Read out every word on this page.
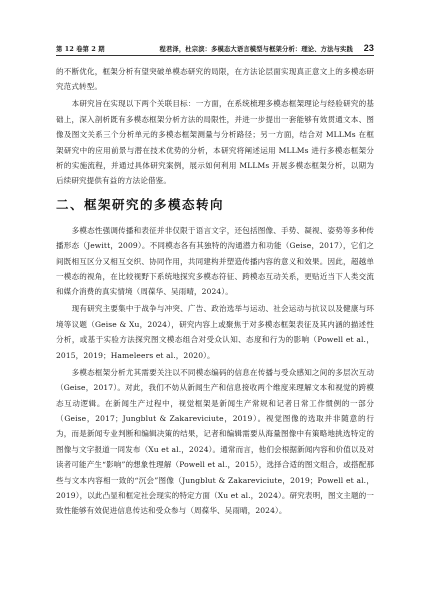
第 12 卷第 2 期	程君泽，杜宗滨：多模态大语言模型与框架分析：理论、方法与实践	23

的不断优化，框架分析有望突破单模态研究的局限，在方法论层面实现真正意文上的多模态研究范式转型。

本研究旨在实现以下两个关联目标：一方面，在系统梳理多模态框架理论与经验研究的基础上，深入剖析既有多模态框架分析方法的局限性，并进一步提出一套能够有效贯通文本、图像及图文关系三个分析单元的多模态框架测量与分析路径；另一方面，结合对 MLLMs 在框架研究中的应用前景与潜在技术优势的分析，本研究将阐述运用 MLLMs 进行多模态框架分析的实施流程，并通过具体研究案例，展示如何利用 MLLMs 开展多模态框架分析，以期为后续研究提供有益的方法论借鉴。

二、框架研究的多模态转向

多模态性强调传播和表征并非仅限于语言文字，还包括图像、手势、凝视、姿势等多种传播形态（Jewitt，2009）。不同模态各有其独特的沟通潜力和功能（Geise，2017），它们之间既相互区分又相互交织、协同作用，共同建构并塑造传播内容的意义和效果。因此，超越单一模态的视角，在比较视野下系统地探究多模态符征、跨模态互动关系，更贴近当下人类交流和媒介消费的真实情境（周葆华、吴雨晴，2024）。

现有研究主要集中于战争与冲突、广告、政治选举与运动、社会运动与抗议以及健康与环境等议题（Geise & Xu，2024），研究内容上或聚焦于对多模态框架表征及其内涵的描述性分析，或基于实验方法探究图文模态组合对受众认知、态度和行为的影响（Powell et al.，2015，2019；Hameleers et al.，2020）。

多模态框架分析尤其需要关注以不同模态编码的信息在传播与受众感知之间的多层次互动（Geise，2017）。对此，我们不妨从新闻生产和信息接收两个维度来理解文本和视觉的跨模态互动逻辑。在新闻生产过程中，视觉框架是新闻生产常规和记者日常工作惯例的一部分（Geise，2017；Jungblut & Zakareviciute，2019）。视觉图像的选取并非随意的行为，而是新闻专业判断和编辑决策的结果，记者和编辑需要从海量图像中有策略地挑选特定的图像与文字报道一同发布（Xu et al.，2024）。通常而言，他们会根据新闻内容和价值以及对读者可能产生“影响”的想象性理解（Powell et al.，2015），选择合适的图文组合，或搭配那些与文本内容相一致的“沉会”图像（Jungblut & Zakareviciute，2019；Powell et al.，2019），以此凸显和框定社会现实的特定方面（Xu et al.，2024）。研究表明，图文主题的一致性能够有效促进信息传达和受众参与（周葆华、吴雨晴，2024）。
